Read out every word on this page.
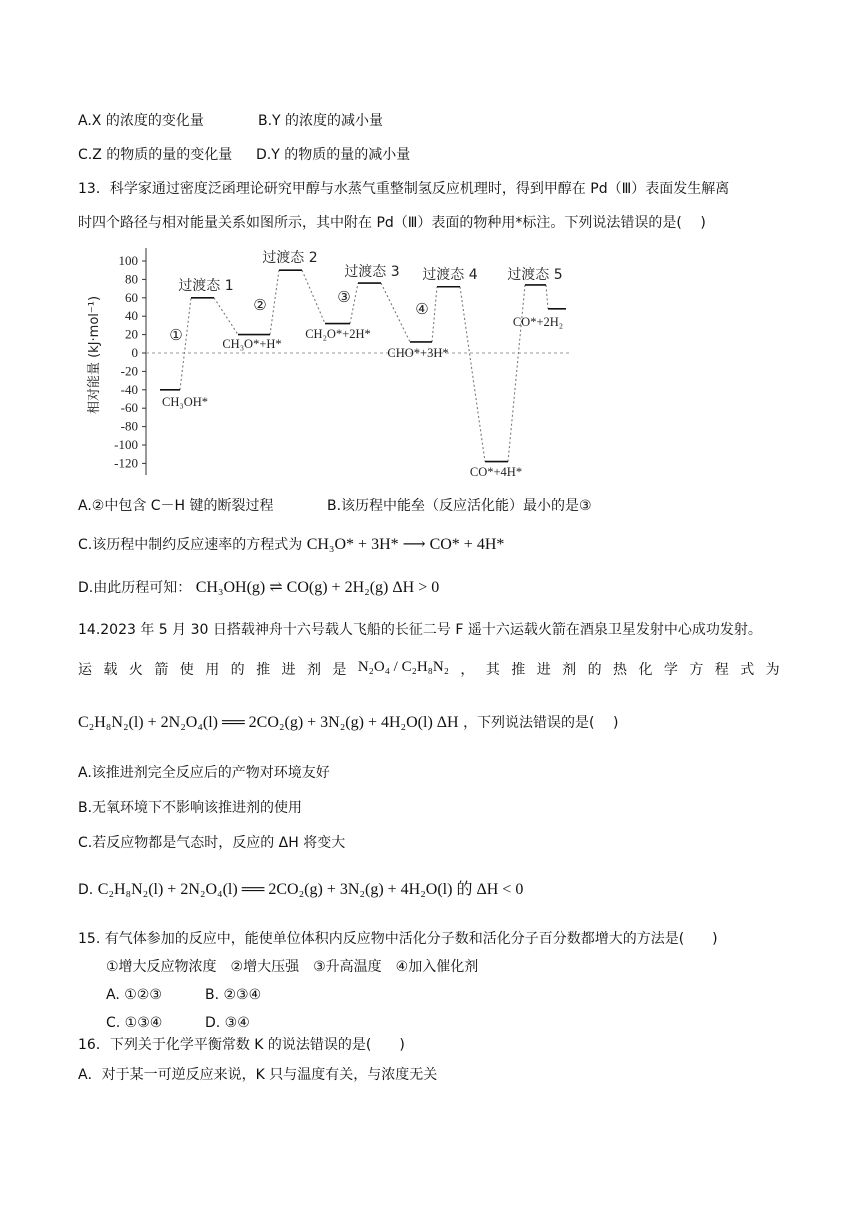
A.X 的浓度的变化量	B.Y 的浓度的减小量
C.Z 的物质的量的变化量 D.Y 的物质的量的减小量
13．科学家通过密度泛函理论研究甲醇与水蒸气重整制氢反应机理时，得到甲醇在 Pd（Ⅲ）表面发生解离
时四个路径与相对能量关系如图所示，其中附在 Pd（Ⅲ）表面的物种用*标注。下列说法错误的是(　 )
100
80
60
40
20
0
-20
-40
-60
-80
-100
-120
相对能量 (kJ·mol⁻¹)	CH₃OH*
过渡态 1
CH₃O*+H*
过渡态 2
CH₂O*+2H*
过渡态 3
CHO*+3H*
过渡态 4
CO*+4H*
过渡态 5
CO*+2H₂
①
②	③
④
A.②中包含 C－H 键的断裂过程	B.该历程中能垒（反应活化能）最小的是③
C.该历程中制约反应速率的方程式为 CH₃O* + 3H* ⟶ CO* + 4H*
D.由此历程可知： CH₃OH(g) ⇌ CO(g) + 2H₂(g) ΔH > 0
14.2023 年 5 月 30 日搭载神舟十六号载人飞船的长征二号 F 遥十六运载火箭在酒泉卫星发射中心成功发射。
运 载 火 箭 使 用 的 推 进 剂 是 N₂O₄ / C₂H₈N₂ ， 其 推 进 剂 的 热 化 学 方 程 式 为
C₂H₈N₂(l) + 2N₂O₄(l) ══ 2CO₂(g) + 3N₂(g) + 4H₂O(l) ΔH ，下列说法错误的是(　 )
A.该推进剂完全反应后的产物对环境友好
B.无氧环境下不影响该推进剂的使用
C.若反应物都是气态时，反应的 ΔH 将变大
D. C₂H₈N₂(l) + 2N₂O₄(l) ══ 2CO₂(g) + 3N₂(g) + 4H₂O(l) 的 ΔH < 0
15. 有气体参加的反应中，能使单位体积内反应物中活化分子数和活化分子百分数都增大的方法是(　　)
①增大反应物浓度　②增大压强　③升高温度　④加入催化剂
A. ①②③	B. ②③④
C. ①③④	D. ③④
16．下列关于化学平衡常数 K 的说法错误的是(　　)
A．对于某一可逆反应来说，K 只与温度有关，与浓度无关
